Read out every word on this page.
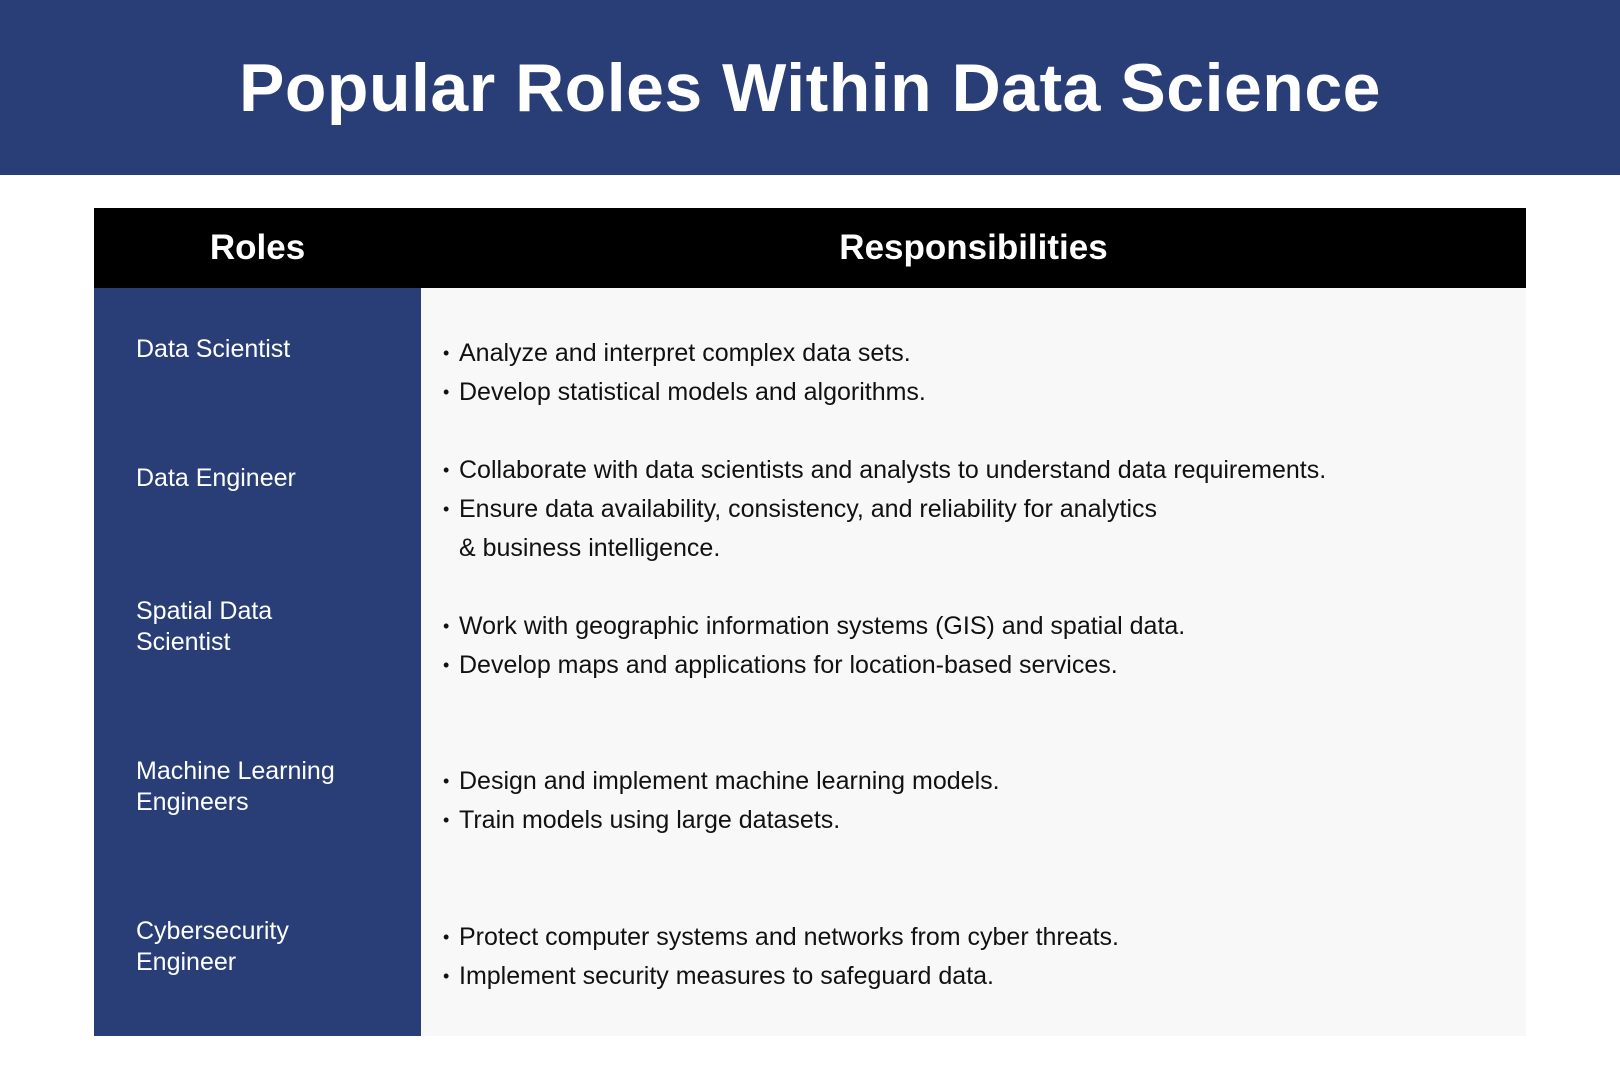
Popular Roles Within Data Science
Roles	Responsibilities
Data Scientist
Data Engineer
Spatial Data
Scientist
Machine Learning
Engineers
Cybersecurity
Engineer
• Analyze and interpret complex data sets.
• Develop statistical models and algorithms.
• Collaborate with data scientists and analysts to understand data requirements.
• Ensure data availability, consistency, and reliability for analytics
& business intelligence.
• Work with geographic information systems (GIS) and spatial data.
• Develop maps and applications for location-based services.
• Design and implement machine learning models.
• Train models using large datasets.
• Protect computer systems and networks from cyber threats.
• Implement security measures to safeguard data.
